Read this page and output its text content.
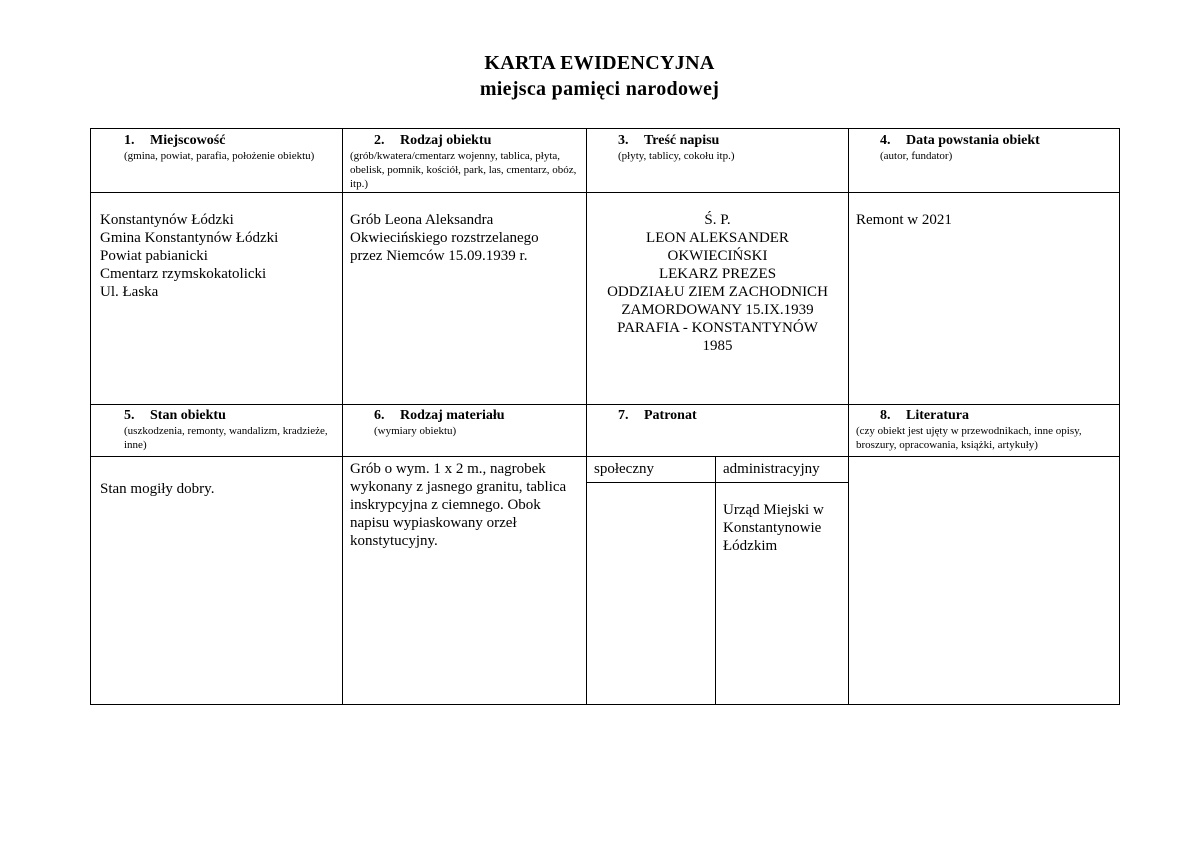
KARTA EWIDENCYJNA
miejsca pamięci narodowej
1. Miejscowość
(gmina, powiat, parafia, położenie obiektu)
2. Rodzaj obiektu
(grób/kwatera/cmentarz wojenny, tablica, płyta, obelisk, pomnik, kościół, park, las, cmentarz, obóz, itp.)
3. Treść napisu
(płyty, tablicy, cokołu itp.)
4. Data powstania obiekt
(autor, fundator)
Konstantynów Łódzki
Gmina Konstantynów Łódzki
Powiat pabianicki
Cmentarz rzymskokatolicki
Ul. Łaska
Grób Leona Aleksandra Okwiecińskiego rozstrzelanego przez Niemców 15.09.1939 r.
Ś. P.
LEON ALEKSANDER
OKWIECIŃSKI
LEKARZ PREZES
ODDZIAŁU ZIEM ZACHODNICH
ZAMORDOWANY 15.IX.1939
PARAFIA - KONSTANTYNÓW
1985
Remont w 2021
5. Stan obiektu
(uszkodzenia, remonty, wandalizm, kradzieże, inne)
6. Rodzaj materiału
(wymiary obiektu)
7. Patronat	8. Literatura
(czy obiekt jest ujęty w przewodnikach, inne opisy, broszury, opracowania, książki, artykuły)
Stan mogiły dobry.
Grób o wym. 1 x 2 m., nagrobek wykonany z jasnego granitu, tablica inskrypcyjna z ciemnego. Obok napisu wypiaskowany orzeł konstytucyjny.
społeczny	administracyjny
Urząd Miejski w Konstantynowie Łódzkim
